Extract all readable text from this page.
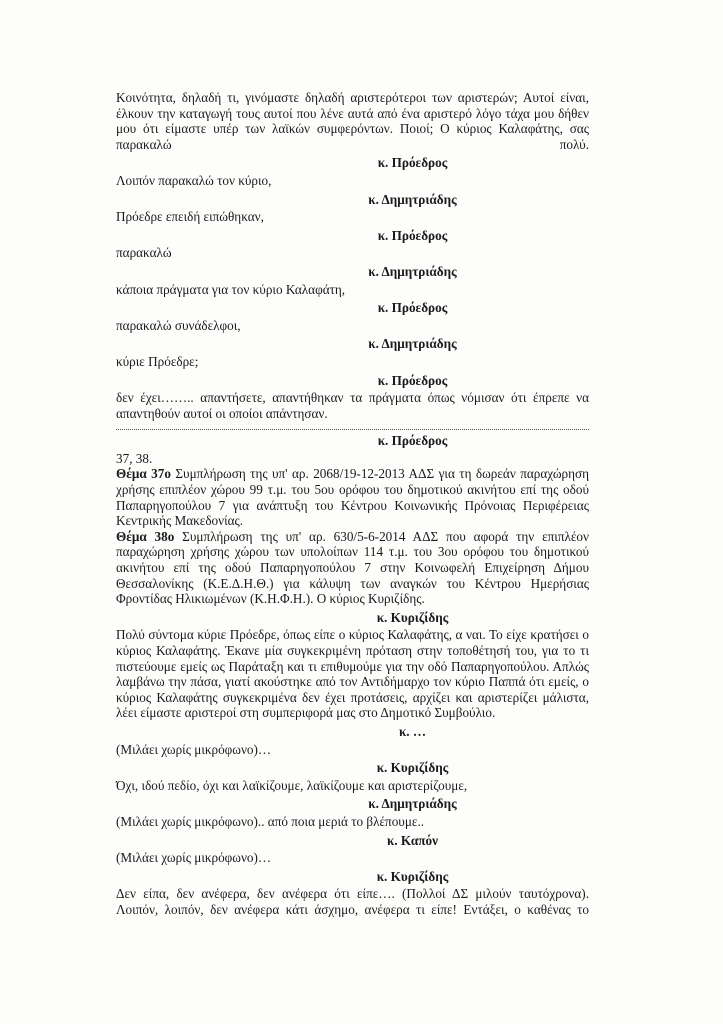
Κοινότητα, δηλαδή τι, γινόμαστε δηλαδή αριστερότεροι των αριστερών; Αυτοί είναι, έλκουν την καταγωγή τους αυτοί που λένε αυτά από ένα αριστερό λόγο τάχα μου δήθεν μου ότι είμαστε υπέρ των λαϊκών συμφερόντων. Ποιοί; Ο κύριος Καλαφάτης, σας παρακαλώ πολύ.

κ. Πρόεδρος

Λοιπόν παρακαλώ τον κύριο,

κ. Δημητριάδης

Πρόεδρε επειδή ειπώθηκαν,

κ. Πρόεδρος

παρακαλώ

κ. Δημητριάδης

κάποια πράγματα για τον κύριο Καλαφάτη,

κ. Πρόεδρος

παρακαλώ συνάδελφοι,

κ. Δημητριάδης

κύριε Πρόεδρε;

κ. Πρόεδρος

δεν έχει…….. απαντήσετε, απαντήθηκαν τα πράγματα όπως νόμισαν ότι έπρεπε να απαντηθούν αυτοί οι οποίοι απάντησαν.

κ. Πρόεδρος

37, 38.

Θέμα 37ο Συμπλήρωση της υπ' αρ. 2068/19-12-2013 ΑΔΣ για τη δωρεάν παραχώρηση χρήσης επιπλέον χώρου 99 τ.μ. του 5ου ορόφου του δημοτικού ακινήτου επί της οδού Παπαρηγοπούλου 7 για ανάπτυξη του Κέντρου Κοινωνικής Πρόνοιας Περιφέρειας Κεντρικής Μακεδονίας.

Θέμα 38ο Συμπλήρωση της υπ' αρ. 630/5-6-2014 ΑΔΣ που αφορά την επιπλέον παραχώρηση χρήσης χώρου των υπολοίπων 114 τ.μ. του 3ου ορόφου του δημοτικού ακινήτου επί της οδού Παπαρηγοπούλου 7 στην Κοινωφελή Επιχείρηση Δήμου Θεσσαλονίκης (Κ.Ε.Δ.Η.Θ.) για κάλυψη των αναγκών του Κέντρου Ημερήσιας Φροντίδας Ηλικιωμένων (Κ.Η.Φ.Η.). Ο κύριος Κυριζίδης.

κ. Κυριζίδης

Πολύ σύντομα κύριε Πρόεδρε, όπως είπε ο κύριος Καλαφάτης, α ναι. Το είχε κρατήσει ο κύριος Καλαφάτης. Έκανε μία συγκεκριμένη πρόταση στην τοποθέτησή του, για το τι πιστεύουμε εμείς ως Παράταξη και τι επιθυμούμε για την οδό Παπαρηγοπούλου. Απλώς λαμβάνω την πάσα, γιατί ακούστηκε από τον Αντιδήμαρχο τον κύριο Παππά ότι εμείς, ο κύριος Καλαφάτης συγκεκριμένα δεν έχει προτάσεις, αρχίζει και αριστερίζει μάλιστα, λέει είμαστε αριστεροί στη συμπεριφορά μας στο Δημοτικό Συμβούλιο.

κ. …

(Μιλάει χωρίς μικρόφωνο)…

κ. Κυριζίδης

Όχι, ιδού πεδίο, όχι και λαϊκίζουμε, λαϊκίζουμε και αριστερίζουμε,

κ. Δημητριάδης

(Μιλάει χωρίς μικρόφωνο).. από ποια μεριά το βλέπουμε..

κ. Καπόν

(Μιλάει χωρίς μικρόφωνο)…

κ. Κυριζίδης

Δεν είπα, δεν ανέφερα, δεν ανέφερα ότι είπε…. (Πολλοί ΔΣ μιλούν ταυτόχρονα). Λοιπόν, λοιπόν, δεν ανέφερα κάτι άσχημο, ανέφερα τι είπε! Εντάξει, ο καθένας το
